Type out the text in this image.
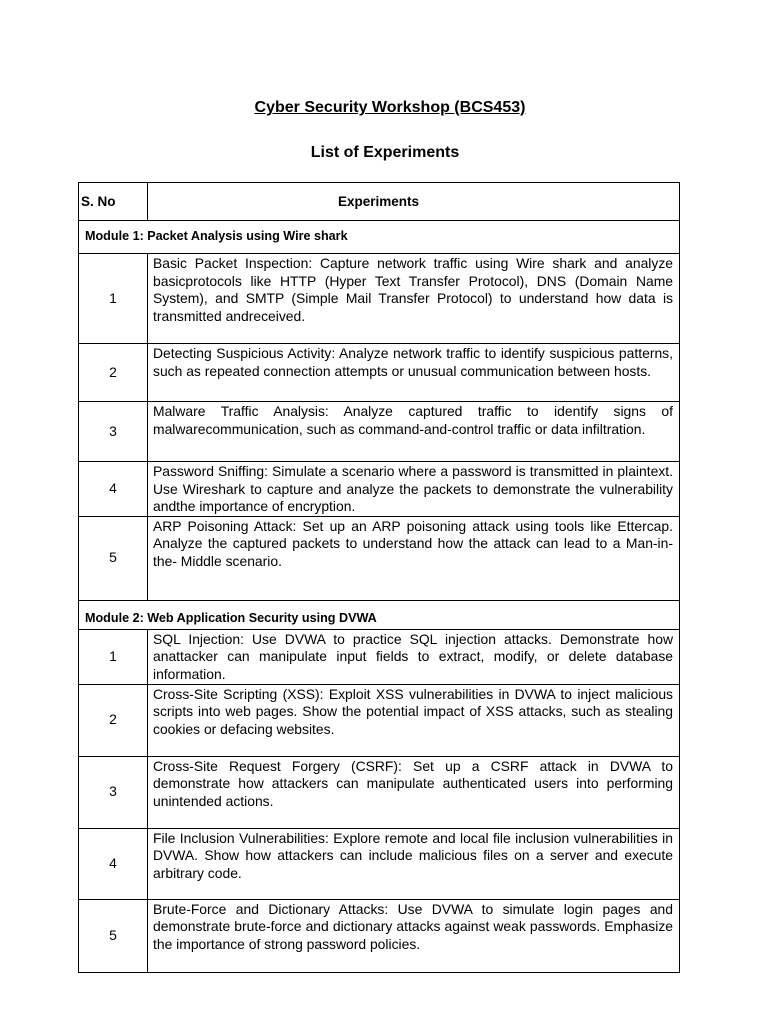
Cyber Security Workshop (BCS453)
List of Experiments
S. No	Experiments
Module 1: Packet Analysis using Wire shark	
1	Basic Packet Inspection: Capture network traffic using Wire shark and analyze basicprotocols like HTTP (Hyper Text Transfer Protocol), DNS (Domain Name System), and SMTP (Simple Mail Transfer Protocol) to understand how data is transmitted andreceived.
2	Detecting Suspicious Activity: Analyze network traffic to identify suspicious patterns, such as repeated connection attempts or unusual communication between hosts.
3	Malware Traffic Analysis: Analyze captured traffic to identify signs of malwarecommunication, such as command-and-control traffic or data infiltration.
4	Password Sniffing: Simulate a scenario where a password is transmitted in plaintext. Use Wireshark to capture and analyze the packets to demonstrate the vulnerability andthe importance of encryption.
5	ARP Poisoning Attack: Set up an ARP poisoning attack using tools like Ettercap. Analyze the captured packets to understand how the attack can lead to a Man-in-the- Middle scenario.
Module 2: Web Application Security using DVWA	
1	SQL Injection: Use DVWA to practice SQL injection attacks. Demonstrate how anattacker can manipulate input fields to extract, modify, or delete database information.
2	Cross-Site Scripting (XSS): Exploit XSS vulnerabilities in DVWA to inject malicious scripts into web pages. Show the potential impact of XSS attacks, such as stealing cookies or defacing websites.
3	Cross-Site Request Forgery (CSRF): Set up a CSRF attack in DVWA to demonstrate how attackers can manipulate authenticated users into performing unintended actions.
4	File Inclusion Vulnerabilities: Explore remote and local file inclusion vulnerabilities in DVWA. Show how attackers can include malicious files on a server and execute arbitrary code.
5	Brute-Force and Dictionary Attacks: Use DVWA to simulate login pages and demonstrate brute-force and dictionary attacks against weak passwords. Emphasize the importance of strong password policies.
